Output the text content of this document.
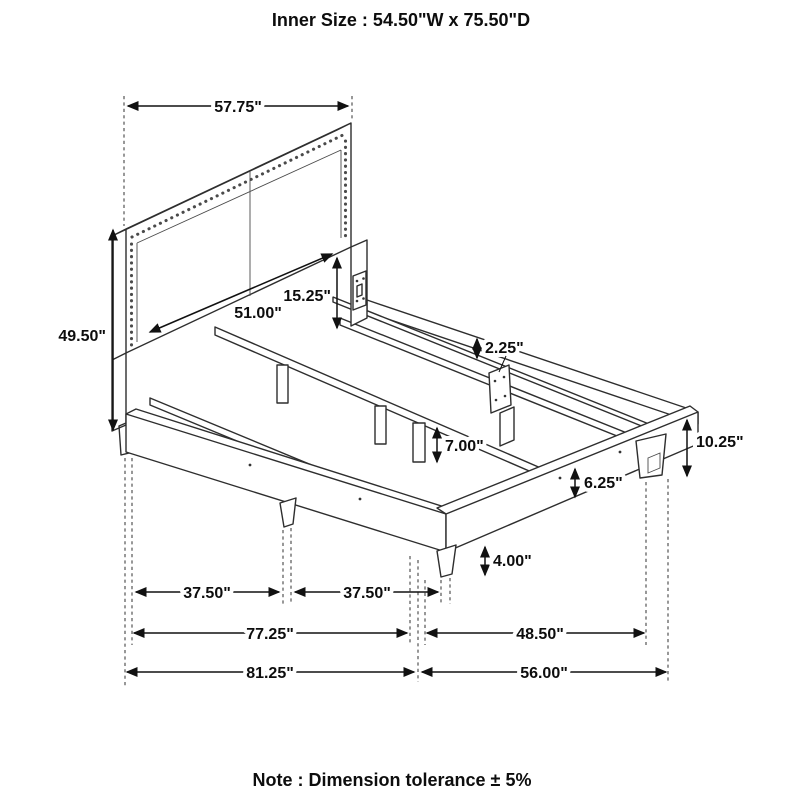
Inner Size : 54.50"W x 75.50"D
Note : Dimension tolerance ± 5%
57.75"
49.50"
51.00"
15.25"
2.25"
7.00"	10.25"
6.25"
4.00"
37.50"	37.50"
77.25"	48.50"
81.25"	56.00"
